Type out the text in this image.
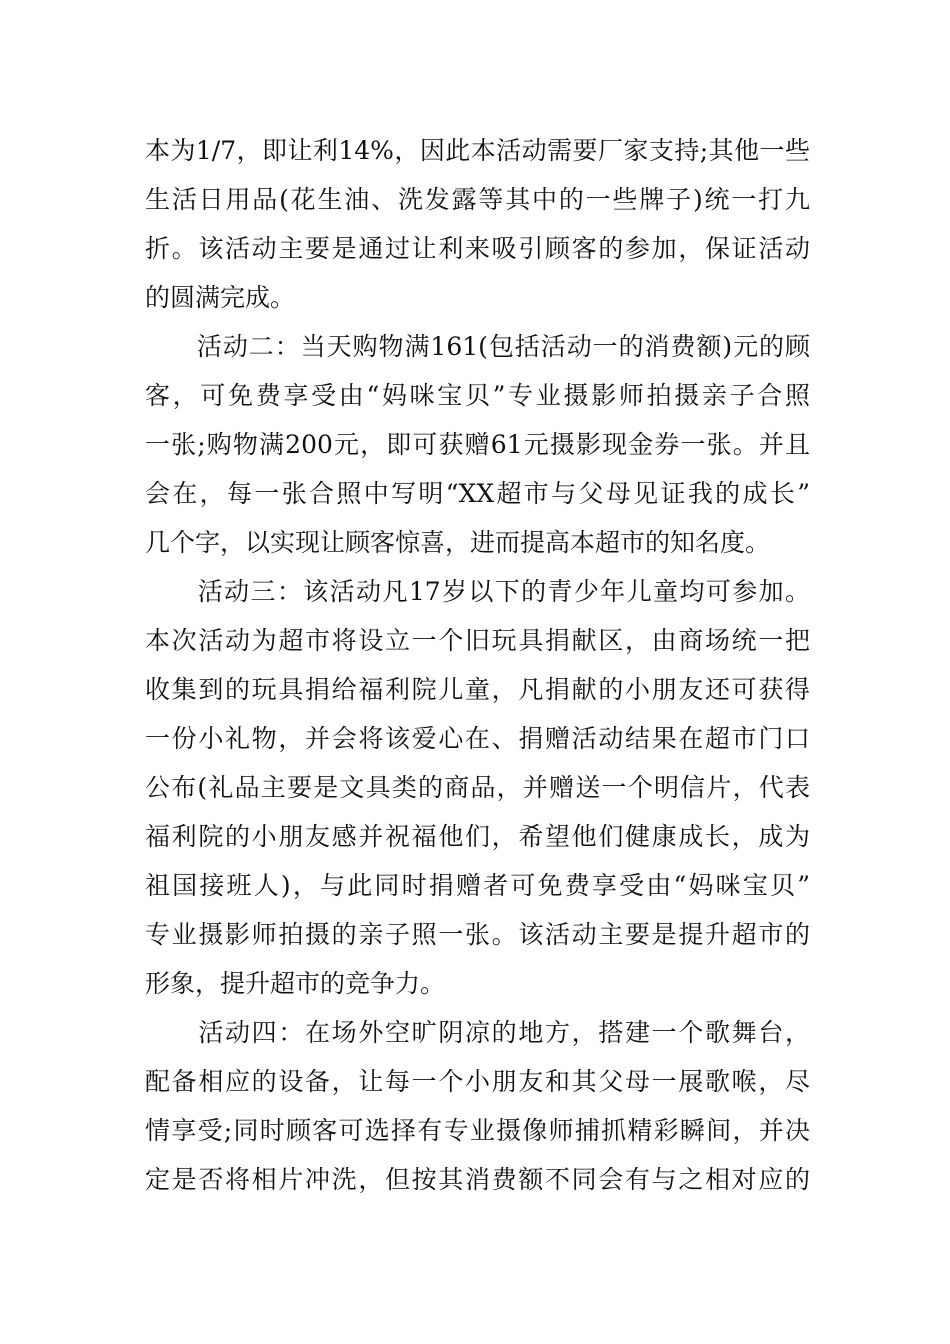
本为1/7，即让利14%，因此本活动需要厂家支持;其他一些
生活日用品(花生油、洗发露等其中的一些牌子)统一打九
折。该活动主要是通过让利来吸引顾客的参加，保证活动
的圆满完成。
　　活动二：当天购物满161(包括活动一的消费额)元的顾
客，可免费享受由“妈咪宝贝”专业摄影师拍摄亲子合照
一张;购物满200元，即可获赠61元摄影现金券一张。并且
会在，每一张合照中写明“XX超市与父母见证我的成长”
几个字，以实现让顾客惊喜，进而提高本超市的知名度。
　　活动三：该活动凡17岁以下的青少年儿童均可参加。
本次活动为超市将设立一个旧玩具捐献区，由商场统一把
收集到的玩具捐给福利院儿童，凡捐献的小朋友还可获得
一份小礼物，并会将该爱心在、捐赠活动结果在超市门口
公布(礼品主要是文具类的商品，并赠送一个明信片，代表
福利院的小朋友感并祝福他们，希望他们健康成长，成为
祖国接班人)，与此同时捐赠者可免费享受由“妈咪宝贝”
专业摄影师拍摄的亲子照一张。该活动主要是提升超市的
形象，提升超市的竞争力。
　　活动四：在场外空旷阴凉的地方，搭建一个歌舞台，
配备相应的设备，让每一个小朋友和其父母一展歌喉，尽
情享受;同时顾客可选择有专业摄像师捕抓精彩瞬间，并决
定是否将相片冲洗，但按其消费额不同会有与之相对应的
